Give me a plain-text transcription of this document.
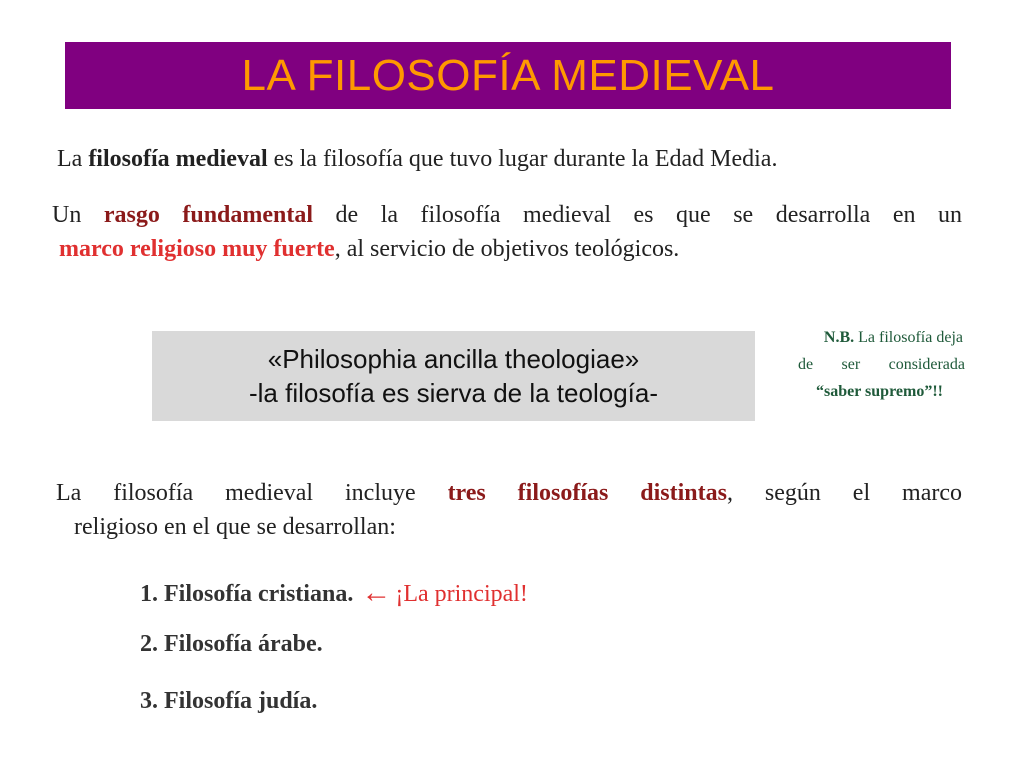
LA FILOSOFÍA MEDIEVAL
La filosofía medieval es la filosofía que tuvo lugar durante la Edad Media.
Un rasgo fundamental de la filosofía medieval es que se desarrolla en un
marco religioso muy fuerte, al servicio de objetivos teológicos.
«Philosophia ancilla theologiae»
-la filosofía es sierva de la teología-
N.B. La filosofía deja
de ser considerada
“saber supremo”!!
La filosofía medieval incluye tres filosofías distintas, según el marco
religioso en el que se desarrollan:
1. Filosofía cristiana. ← ¡La principal!
2. Filosofía árabe.
3. Filosofía judía.
